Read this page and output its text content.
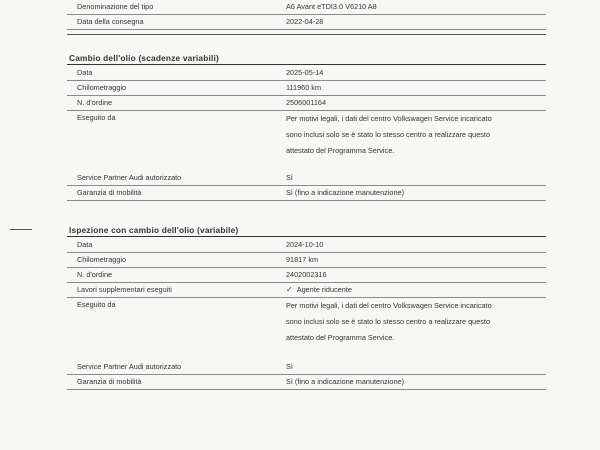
Denominazione del tipo	A6 Avant eTDI3.0 V6210 A8
Data della consegna	2022-04-28
Cambio dell'olio (scadenze variabili)
Data	2025-05-14
Chilometraggio	111960 km
N. d'ordine	2506001164
Eseguito da	Per motivi legali, i dati del centro Volkswagen Service incaricato
sono inclusi solo se è stato lo stesso centro a realizzare questo
attestato del Programma Service.
Service Partner Audi autorizzato	Sì
Garanzia di mobilità	Sì (fino a indicazione manutenzione)
Ispezione con cambio dell'olio (variabile)
Data	2024-10-10
Chilometraggio	91817 km
N. d'ordine	2402002316
Lavori supplementari eseguiti	✓ Agente riducente
Eseguito da	Per motivi legali, i dati del centro Volkswagen Service incaricato
sono inclusi solo se è stato lo stesso centro a realizzare questo
attestato del Programma Service.
Service Partner Audi autorizzato	Sì
Garanzia di mobilità	Sì (fino a indicazione manutenzione)
